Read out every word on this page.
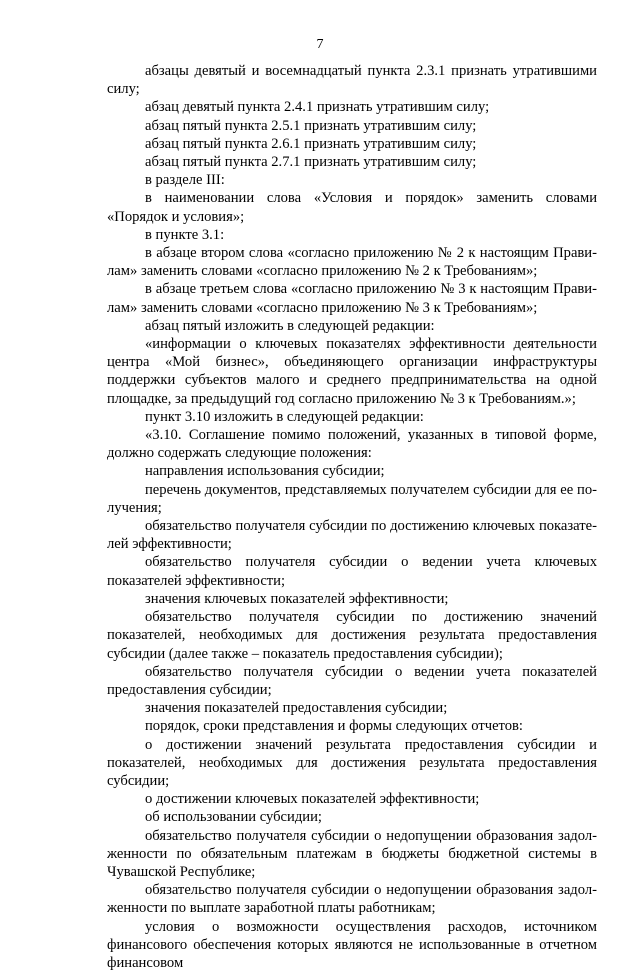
7

абзацы девятый и восемнадцатый пункта 2.3.1 признать утратившими силу;

абзац девятый пункта 2.4.1 признать утратившим силу;

абзац пятый пункта 2.5.1 признать утратившим силу;

абзац пятый пункта 2.6.1 признать утратившим силу;

абзац пятый пункта 2.7.1 признать утратившим силу;

в разделе III:

в наименовании слова «Условия и порядок» заменить словами «Порядок и условия»;

в пункте 3.1:

в абзаце втором слова «согласно приложению № 2 к настоящим Правилам» заменить словами «согласно приложению № 2 к Требованиям»;

в абзаце третьем слова «согласно приложению № 3 к настоящим Правилам» заменить словами «согласно приложению № 3 к Требованиям»;

абзац пятый изложить в следующей редакции:

«информации о ключевых показателях эффективности деятельности центра «Мой бизнес», объединяющего организации инфраструктуры поддержки субъектов малого и среднего предпринимательства на одной площадке, за предыдущий год согласно приложению № 3 к Требованиям.»;

пункт 3.10 изложить в следующей редакции:

«3.10. Соглашение помимо положений, указанных в типовой форме, должно содержать следующие положения:

направления использования субсидии;

перечень документов, представляемых получателем субсидии для ее получения;

обязательство получателя субсидии по достижению ключевых показателей эффективности;

обязательство получателя субсидии о ведении учета ключевых показателей эффективности;

значения ключевых показателей эффективности;

обязательство получателя субсидии по достижению значений показателей, необходимых для достижения результата предоставления субсидии (далее также – показатель предоставления субсидии);

обязательство получателя субсидии о ведении учета показателей предоставления субсидии;

значения показателей предоставления субсидии;

порядок, сроки представления и формы следующих отчетов:

о достижении значений результата предоставления субсидии и показателей, необходимых для достижения результата предоставления субсидии;

о достижении ключевых показателей эффективности;

об использовании субсидии;

обязательство получателя субсидии о недопущении образования задолженности по обязательным платежам в бюджеты бюджетной системы в Чувашской Республике;

обязательство получателя субсидии о недопущении образования задолженности по выплате заработной платы работникам;

условия о возможности осуществления расходов, источником финансового обеспечения которых являются не использованные в отчетном финансовом
